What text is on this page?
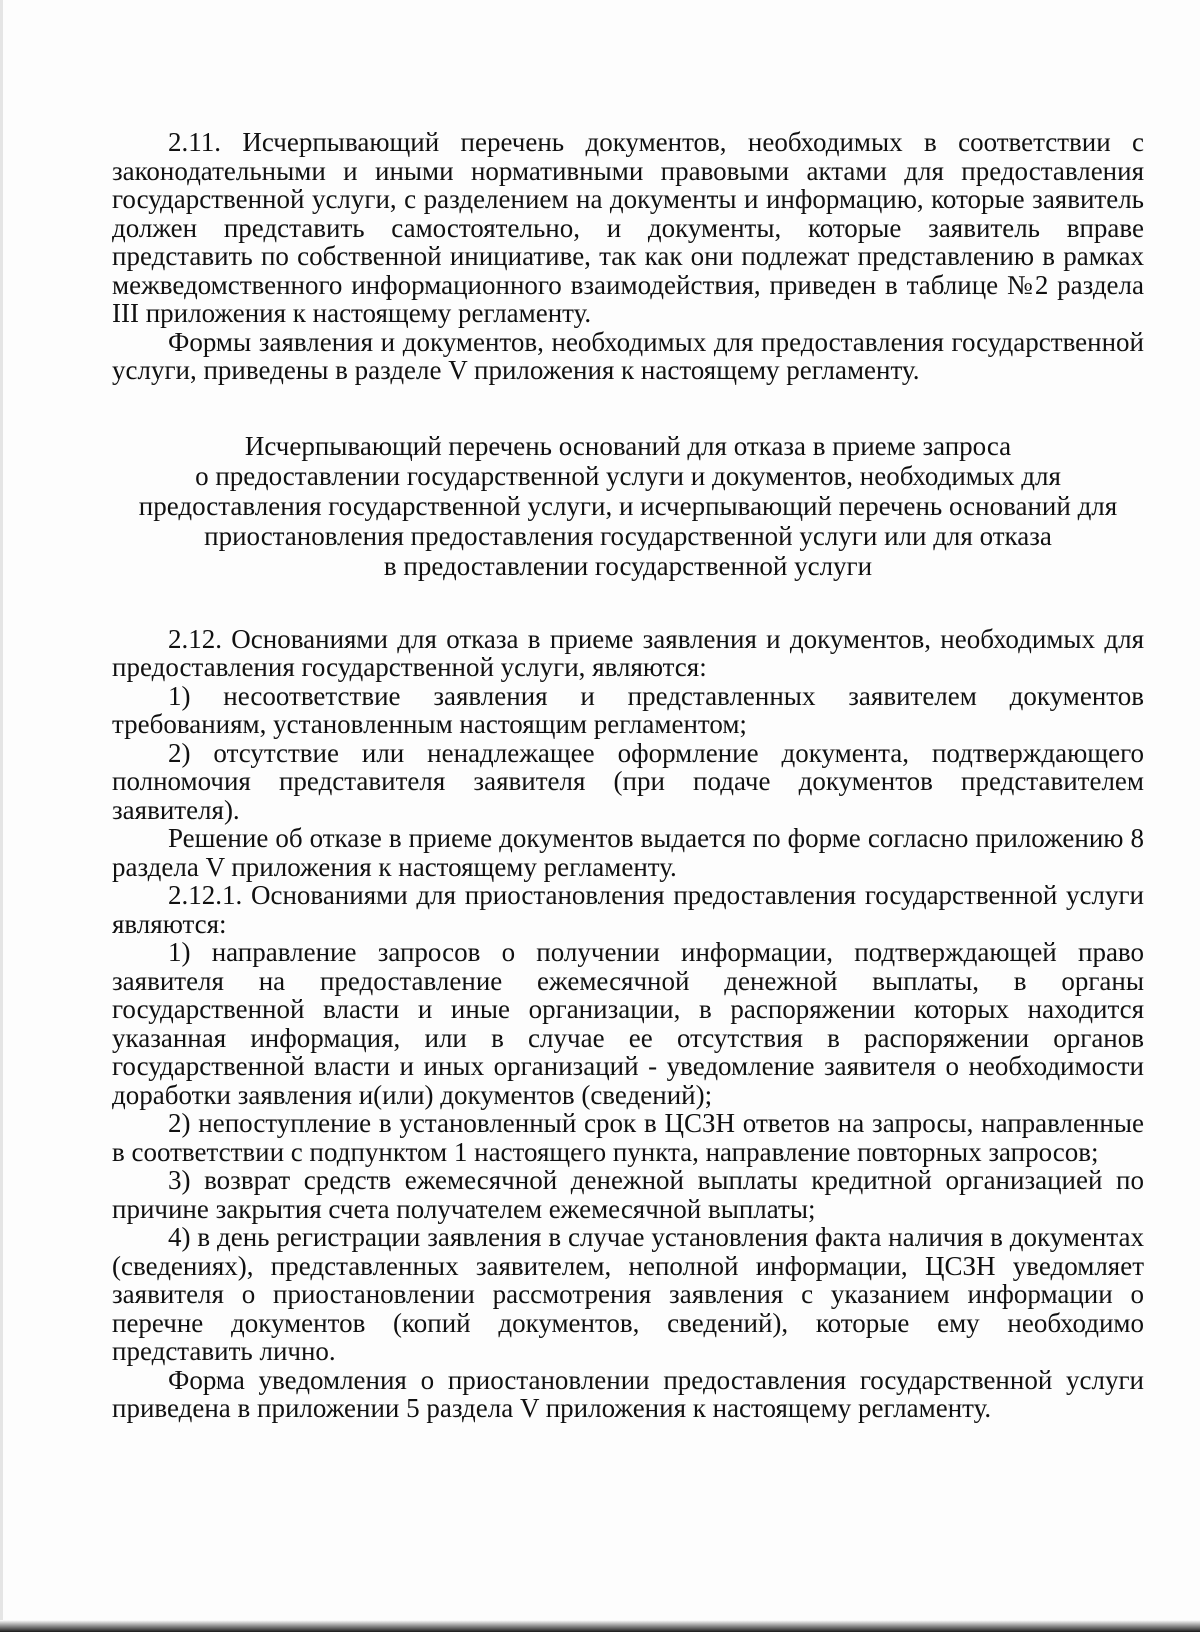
2.11. Исчерпывающий перечень документов, необходимых в соответствии с законодательными и иными нормативными правовыми актами для предоставления государственной услуги, с разделением на документы и информацию, которые заявитель должен представить самостоятельно, и документы, которые заявитель вправе представить по собственной инициативе, так как они подлежат представлению в рамках межведомственного информационного взаимодействия, приведен в таблице №2 раздела III приложения к настоящему регламенту.

Формы заявления и документов, необходимых для предоставления государственной услуги, приведены в разделе V приложения к настоящему регламенту.

Исчерпывающий перечень оснований для отказа в приеме запроса
о предоставлении государственной услуги и документов, необходимых для
предоставления государственной услуги, и исчерпывающий перечень оснований для
приостановления предоставления государственной услуги или для отказа
в предоставлении государственной услуги

2.12. Основаниями для отказа в приеме заявления и документов, необходимых для предоставления государственной услуги, являются:

1) несоответствие заявления и представленных заявителем документов требованиям, установленным настоящим регламентом;

2) отсутствие или ненадлежащее оформление документа, подтверждающего полномочия представителя заявителя (при подаче документов представителем заявителя).

Решение об отказе в приеме документов выдается по форме согласно приложению 8 раздела V приложения к настоящему регламенту.

2.12.1. Основаниями для приостановления предоставления государственной услуги являются:

1) направление запросов о получении информации, подтверждающей право заявителя на предоставление ежемесячной денежной выплаты, в органы государственной власти и иные организации, в распоряжении которых находится указанная информация, или в случае ее отсутствия в распоряжении органов государственной власти и иных организаций - уведомление заявителя о необходимости доработки заявления и(или) документов (сведений);

2) непоступление в установленный срок в ЦСЗН ответов на запросы, направленные в соответствии с подпунктом 1 настоящего пункта, направление повторных запросов;

3) возврат средств ежемесячной денежной выплаты кредитной организацией по причине закрытия счета получателем ежемесячной выплаты;

4) в день регистрации заявления в случае установления факта наличия в документах (сведениях), представленных заявителем, неполной информации, ЦСЗН уведомляет заявителя о приостановлении рассмотрения заявления с указанием информации о перечне документов (копий документов, сведений), которые ему необходимо представить лично.

Форма уведомления о приостановлении предоставления государственной услуги приведена в приложении 5 раздела V приложения к настоящему регламенту.
